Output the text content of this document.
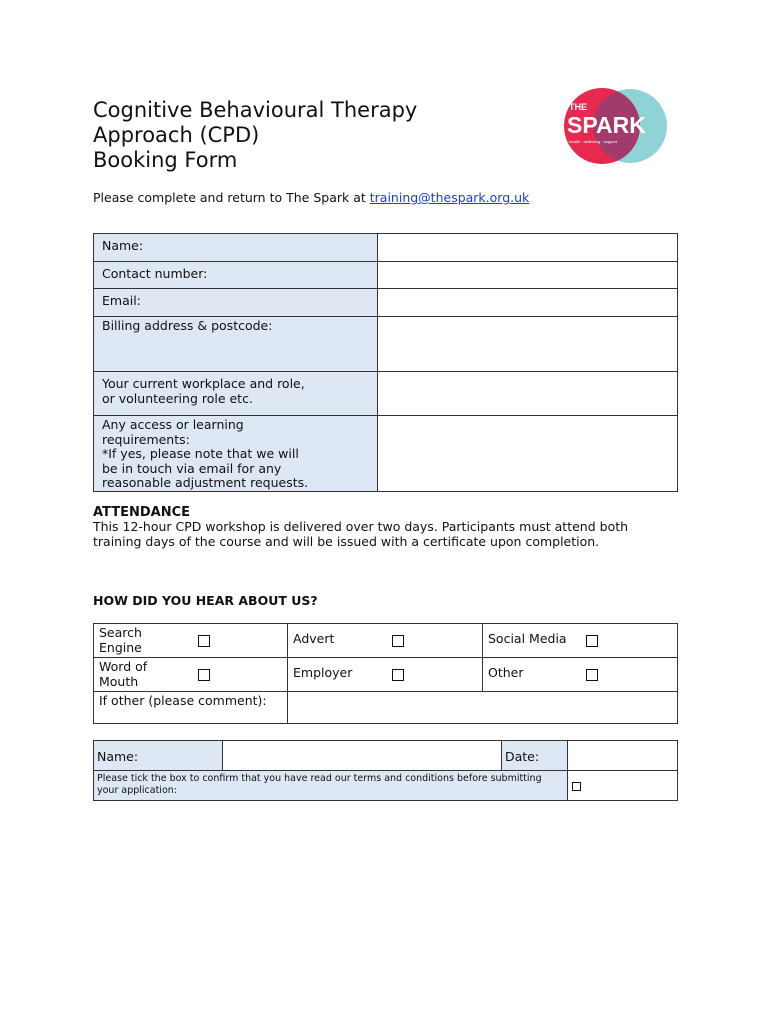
Cognitive Behavioural Therapy
Approach (CPD)
Booking Form
THE
SPARK
health · wellbeing · support
Please complete and return to The Spark at training@thespark.org.uk
Name:	
Contact number:	
Email:	
Billing address & postcode:	
Your current workplace and role,
or volunteering role etc.	
Any access or learning
requirements:
*If yes, please note that we will
be in touch via email for any
reasonable adjustment requests.	
ATTENDANCE
This 12-hour CPD workshop is delivered over two days. Participants must attend both training days of the course and will be issued with a certificate upon completion.
HOW DID YOU HEAR ABOUT US?
Search
Engine	Advert	Social Media

Word of
Mouth	Employer	Other

If other (please comment):		
Name:		Date:	
Please tick the box to confirm that you have read our terms and conditions before submitting your application:			
